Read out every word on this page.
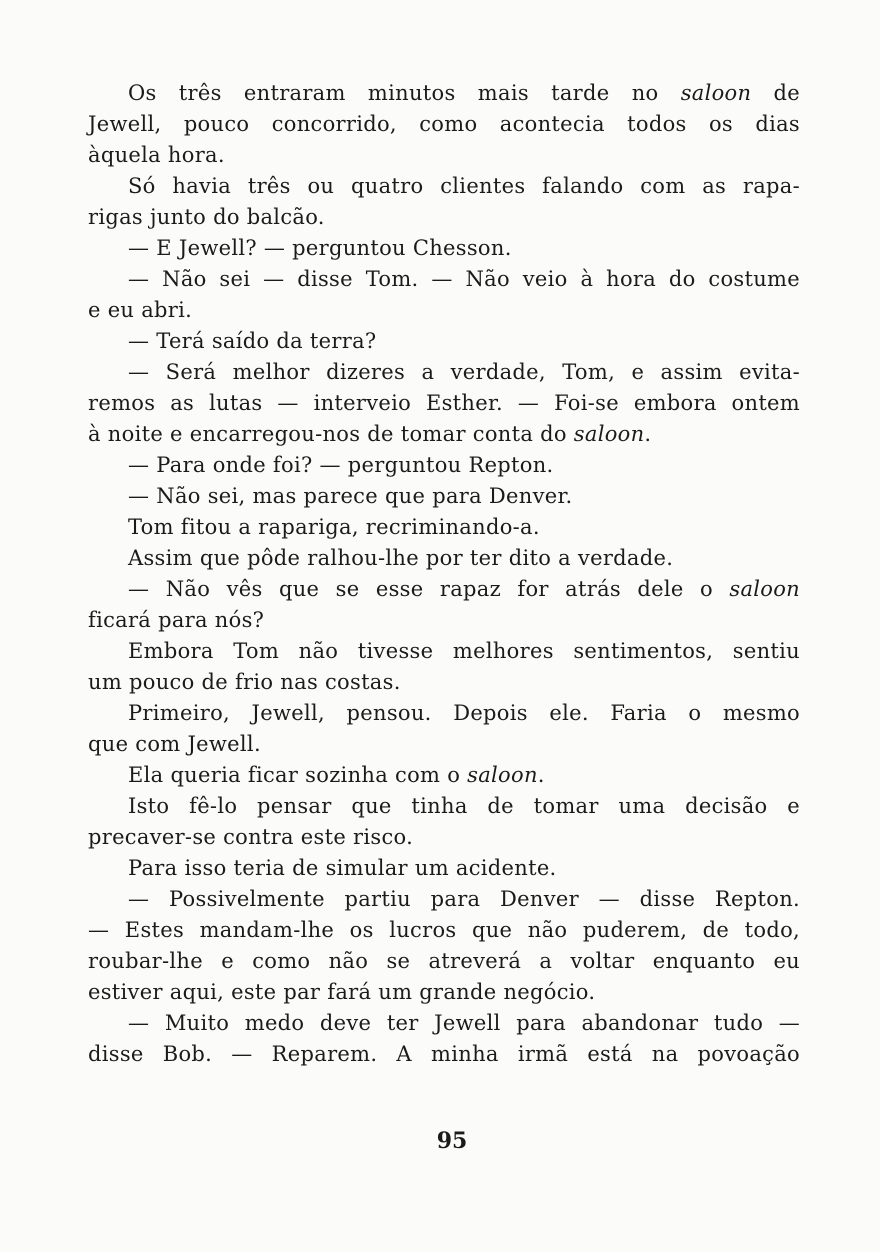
Os três entraram minutos mais tarde no saloon de
Jewell, pouco concorrido, como acontecia todos os dias
àquela hora.
Só havia três ou quatro clientes falando com as rapa-
rigas junto do balcão.
— E Jewell? — perguntou Chesson.
— Não sei — disse Tom. — Não veio à hora do costume
e eu abri.
— Terá saído da terra?
— Será melhor dizeres a verdade, Tom, e assim evita-
remos as lutas — interveio Esther. — Foi-se embora ontem
à noite e encarregou-nos de tomar conta do saloon.
— Para onde foi? — perguntou Repton.
— Não sei, mas parece que para Denver.
Tom fitou a rapariga, recriminando-a.
Assim que pôde ralhou-lhe por ter dito a verdade.
— Não vês que se esse rapaz for atrás dele o saloon
ficará para nós?
Embora Tom não tivesse melhores sentimentos, sentiu
um pouco de frio nas costas.
Primeiro, Jewell, pensou. Depois ele. Faria o mesmo
que com Jewell.
Ela queria ficar sozinha com o saloon.
Isto fê-lo pensar que tinha de tomar uma decisão e
precaver-se contra este risco.
Para isso teria de simular um acidente.
— Possivelmente partiu para Denver — disse Repton.
— Estes mandam-lhe os lucros que não puderem, de todo,
roubar-lhe e como não se atreverá a voltar enquanto eu
estiver aqui, este par fará um grande negócio.
— Muito medo deve ter Jewell para abandonar tudo —
disse Bob. — Reparem. A minha irmã está na povoação
95
